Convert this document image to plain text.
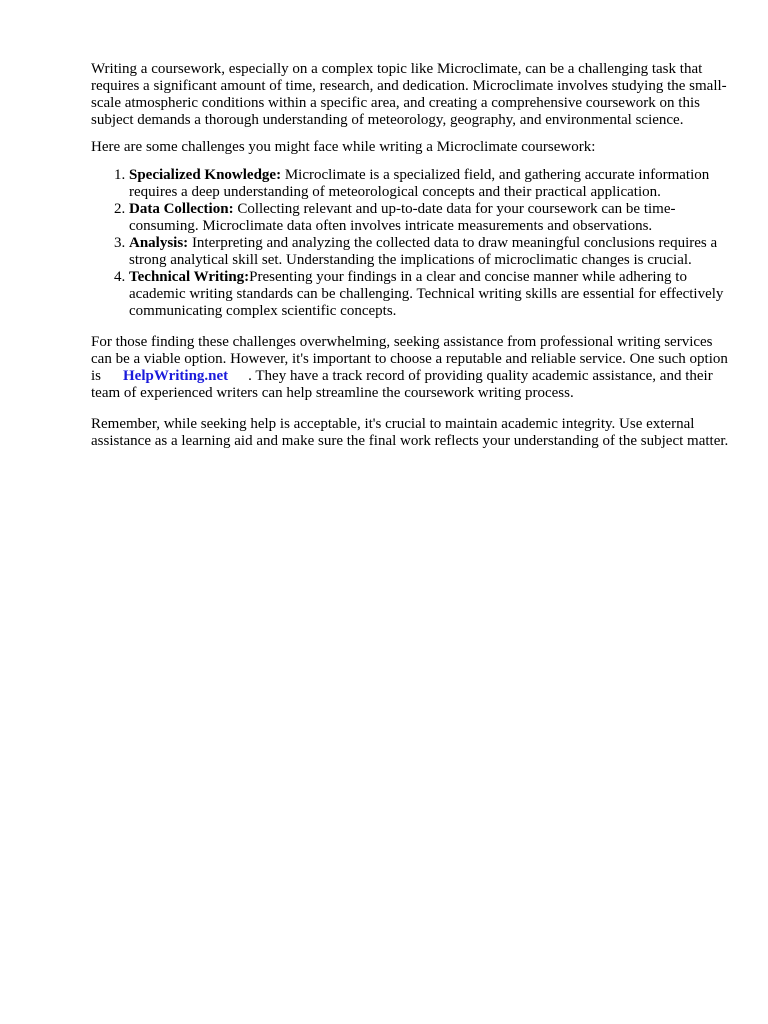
Writing a coursework, especially on a complex topic like Microclimate, can be a challenging task that requires a significant amount of time, research, and dedication. Microclimate involves studying the small-scale atmospheric conditions within a specific area, and creating a comprehensive coursework on this subject demands a thorough understanding of meteorology, geography, and environmental science.

Here are some challenges you might face while writing a Microclimate coursework:

1. Specialized Knowledge: Microclimate is a specialized field, and gathering accurate information requires a deep understanding of meteorological concepts and their practical application.
2. Data Collection: Collecting relevant and up-to-date data for your coursework can be time-consuming. Microclimate data often involves intricate measurements and observations.
3. Analysis: Interpreting and analyzing the collected data to draw meaningful conclusions requires a strong analytical skill set. Understanding the implications of microclimatic changes is crucial.
4. Technical Writing:Presenting your findings in a clear and concise manner while adhering to academic writing standards can be challenging. Technical writing skills are essential for effectively communicating complex scientific concepts.

For those finding these challenges overwhelming, seeking assistance from professional writing services can be a viable option. However, it's important to choose a reputable and reliable service. One such option is HelpWriting.net . They have a track record of providing quality academic assistance, and their team of experienced writers can help streamline the coursework writing process.

Remember, while seeking help is acceptable, it's crucial to maintain academic integrity. Use external assistance as a learning aid and make sure the final work reflects your understanding of the subject matter.
